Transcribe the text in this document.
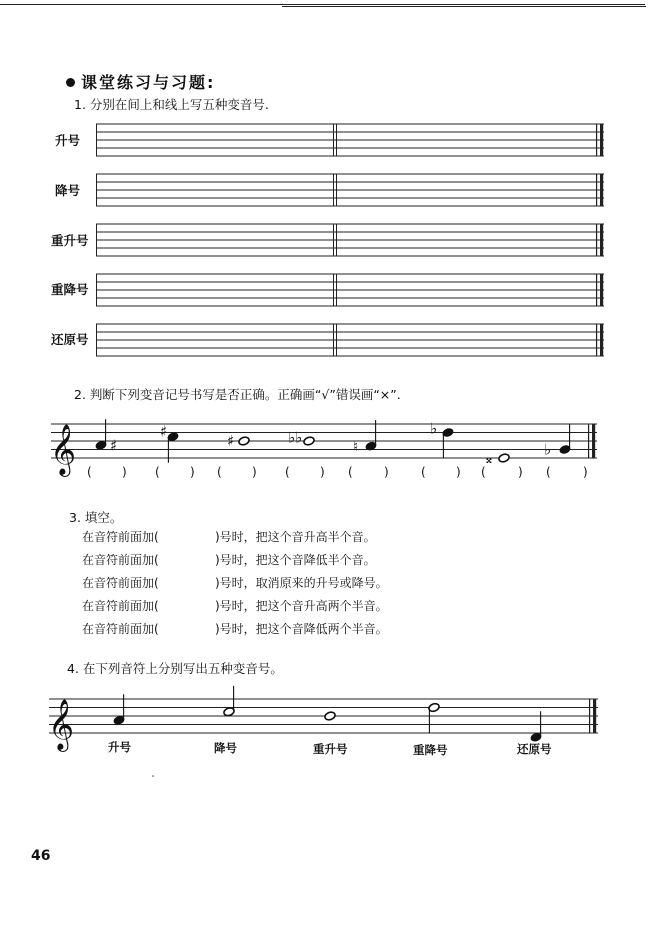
课堂练习与习题:
1. 分别在间上和线上写五种变音号.
升号
降号
重升号
重降号
还原号
2. 判断下列变音记号书写是否正确。正确画“√”错误画“×”.
𝄞 ♯
♯
♯	♭ ♭
♮
♭
𝄪
♭
(	) (	) (	) (	) (	)	(	) (	) (	)
3. 填空。
在音符前面加(	)号时，把这个音升高半个音。
在音符前面加(	)号时，把这个音降低半个音。
在音符前面加(	)号时，取消原来的升号或降号。
在音符前面加(	)号时，把这个音升高两个半音。
在音符前面加(	)号时，把这个音降低两个半音。
4. 在下列音符上分别写出五种变音号。
𝄞	升号	降号	重升号	重降号	还原号
46
